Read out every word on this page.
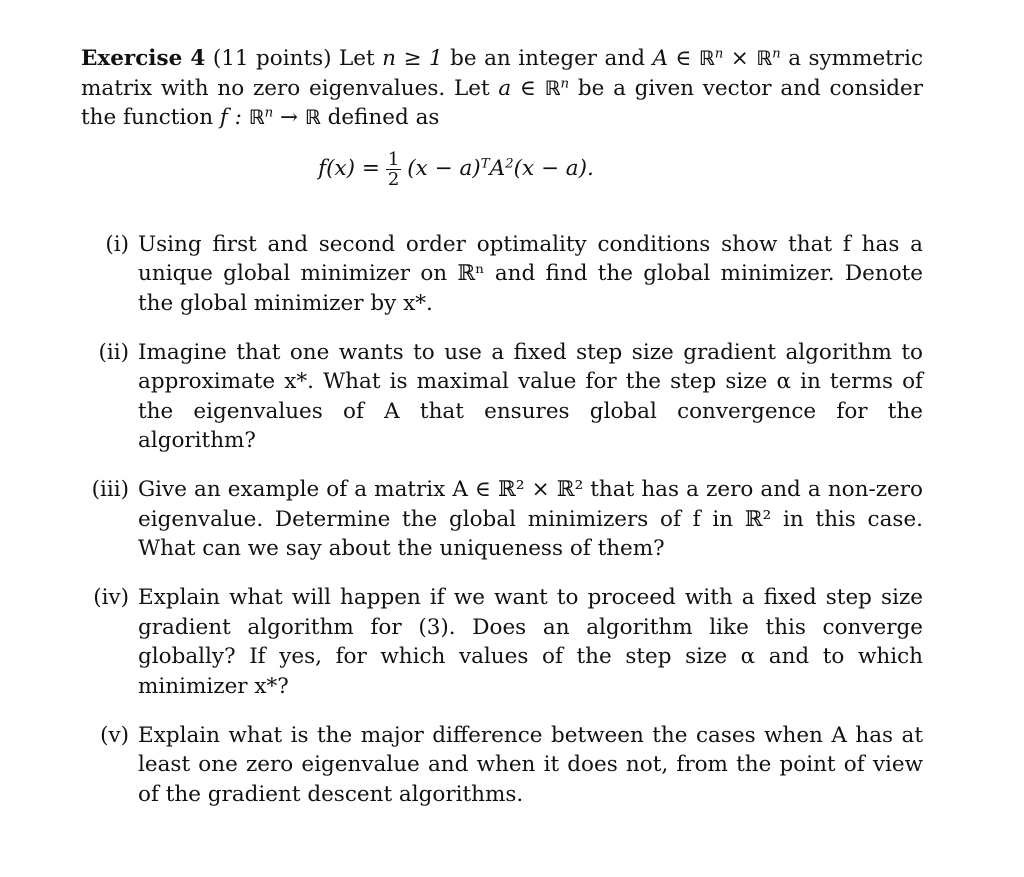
Exercise 4 (11 points) Let n ≥ 1 be an integer and A ∈ ℝ$^n$ × ℝ$^n$ a symmetric matrix with no zero eigenvalues. Let a ∈ ℝ$^n$ be a given vector and consider the function f : ℝ$^n$ → ℝ defined as

$f(x) = \frac{1}{2} (x - a)^TA^2(x - a)$.
(i) Using first and second order optimality conditions show that f has a unique global minimizer on ℝⁿ and find the global minimizer. Denote the global minimizer by x*.
(ii) Imagine that one wants to use a fixed step size gradient algorithm to approximate x*. What is maximal value for the step size α in terms of the eigenvalues of A that ensures global convergence for the algorithm?
(iii) Give an example of a matrix A ∈ ℝ² × ℝ² that has a zero and a non-zero eigenvalue. Determine the global minimizers of f in ℝ² in this case. What can we say about the uniqueness of them?
(iv) Explain what will happen if we want to proceed with a fixed step size gradient algorithm for (3). Does an algorithm like this converge globally? If yes, for which values of the step size α and to which minimizer x*?
(v) Explain what is the major difference between the cases when A has at least one zero eigenvalue and when it does not, from the point of view of the gradient descent algorithms.
